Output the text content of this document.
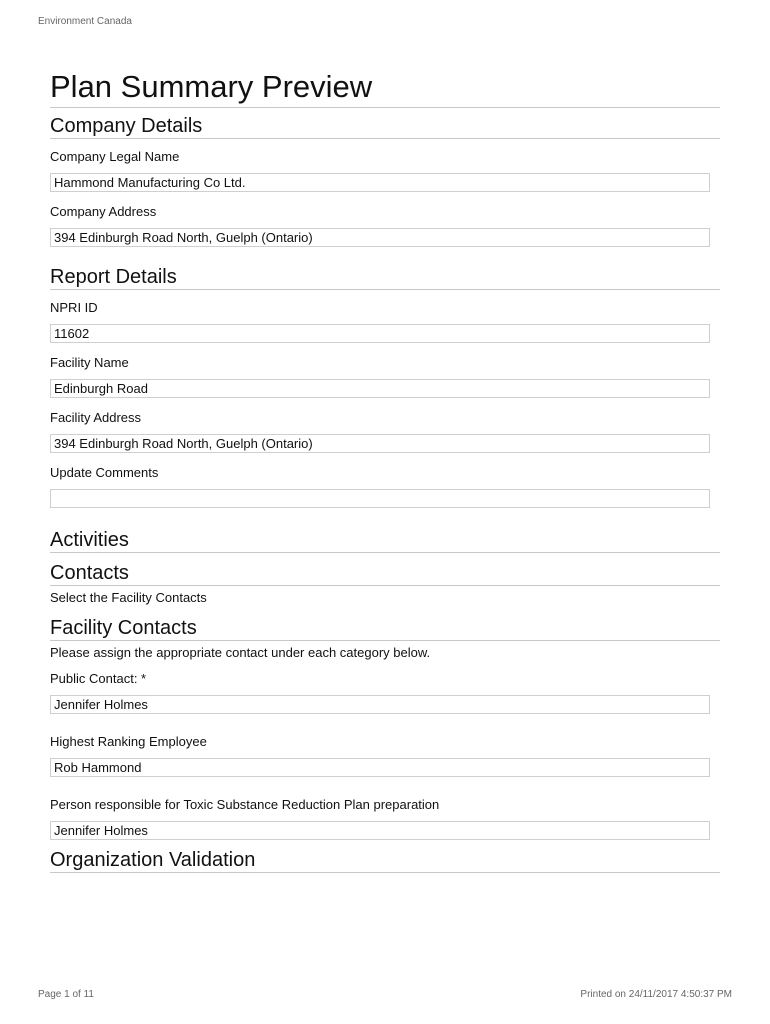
Environment Canada
Plan Summary Preview
Company Details
Company Legal Name
Hammond Manufacturing Co Ltd.
Company Address
394 Edinburgh Road North, Guelph (Ontario)
Report Details
NPRI ID
11602
Facility Name
Edinburgh Road
Facility Address
394 Edinburgh Road North, Guelph (Ontario)
Update Comments
Activities
Contacts
Select the Facility Contacts
Facility Contacts
Please assign the appropriate contact under each category below.
Public Contact: *
Jennifer Holmes
Highest Ranking Employee
Rob Hammond
Person responsible for Toxic Substance Reduction Plan preparation
Jennifer Holmes
Organization Validation
Page 1 of 11	Printed on 24/11/2017 4:50:37 PM
